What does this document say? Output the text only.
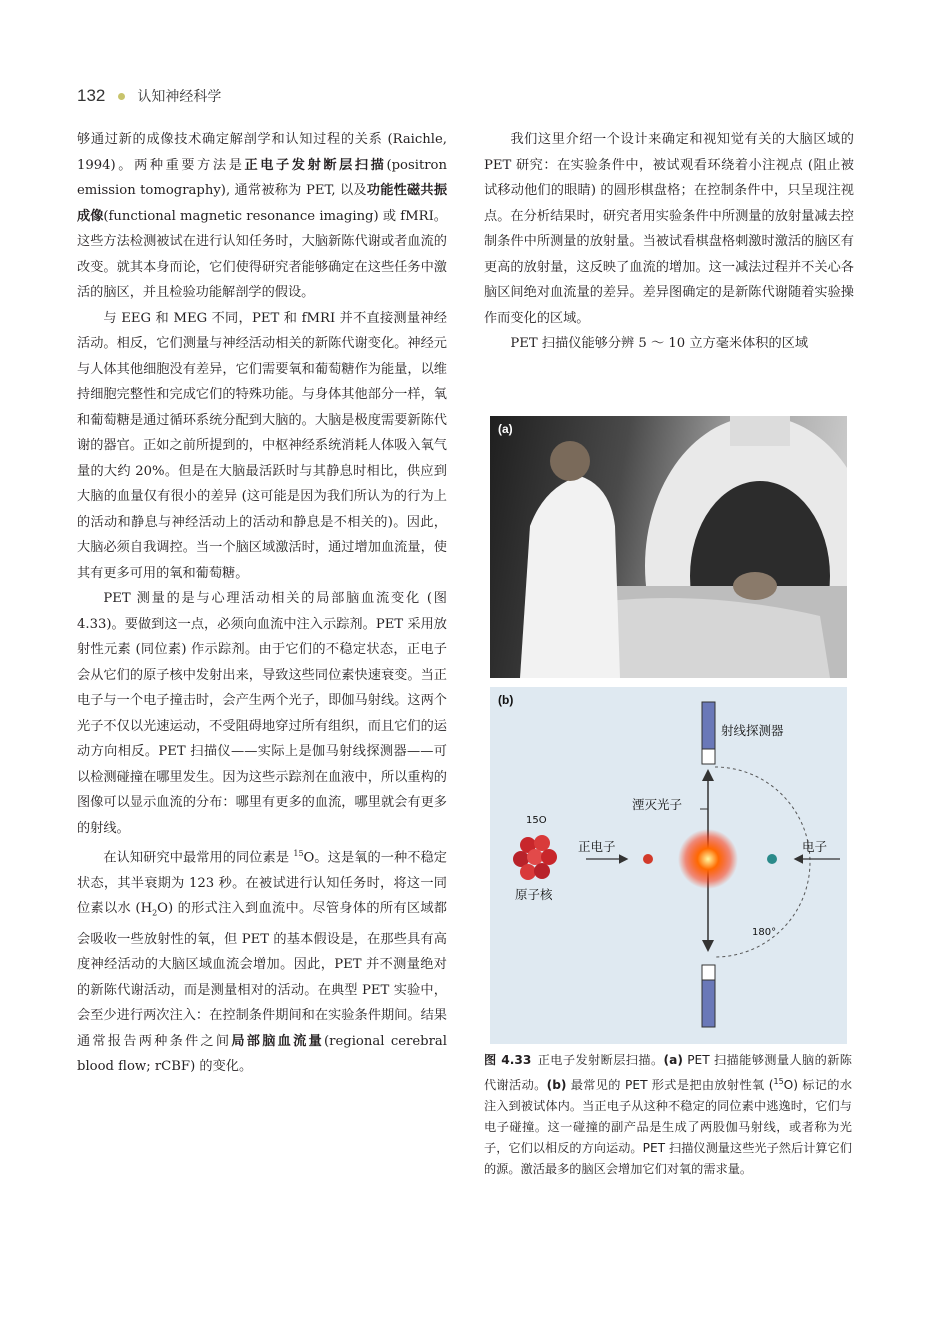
132 认知神经科学

够通过新的成像技术确定解剖学和认知过程的关系 (Raichle, 1994)。两种重要方法是正电子发射断层扫描(positron emission tomography), 通常被称为 PET, 以及功能性磁共振成像(functional magnetic resonance imaging) 或 fMRI。这些方法检测被试在进行认知任务时，大脑新陈代谢或者血流的改变。就其本身而论，它们使得研究者能够确定在这些任务中激活的脑区，并且检验功能解剖学的假设。

与 EEG 和 MEG 不同，PET 和 fMRI 并不直接测量神经活动。相反，它们测量与神经活动相关的新陈代谢变化。神经元与人体其他细胞没有差异，它们需要氧和葡萄糖作为能量，以维持细胞完整性和完成它们的特殊功能。与身体其他部分一样，氧和葡萄糖是通过循环系统分配到大脑的。大脑是极度需要新陈代谢的器官。正如之前所提到的，中枢神经系统消耗人体吸入氧气量的大约 20%。但是在大脑最活跃时与其静息时相比，供应到大脑的血量仅有很小的差异 (这可能是因为我们所认为的行为上的活动和静息与神经活动上的活动和静息是不相关的)。因此，大脑必须自我调控。当一个脑区域激活时，通过增加血流量，使其有更多可用的氧和葡萄糖。

PET 测量的是与心理活动相关的局部脑血流变化 (图 4.33)。要做到这一点，必须向血流中注入示踪剂。PET 采用放射性元素 (同位素) 作示踪剂。由于它们的不稳定状态，正电子会从它们的原子核中发射出来，导致这些同位素快速衰变。当正电子与一个电子撞击时，会产生两个光子，即伽马射线。这两个光子不仅以光速运动，不受阻碍地穿过所有组织，而且它们的运动方向相反。PET 扫描仪——实际上是伽马射线探测器——可以检测碰撞在哪里发生。因为这些示踪剂在血液中，所以重构的图像可以显示血流的分布：哪里有更多的血流，哪里就会有更多的射线。

在认知研究中最常用的同位素是 $^{15}$O。这是氧的一种不稳定状态，其半衰期为 123 秒。在被试进行认知任务时，将这一同位素以水 $(H_2O)$ 的形式注入到血流中。尽管身体的所有区域都会吸收一些放射性的氧，但 PET 的基本假设是，在那些具有高度神经活动的大脑区域血流会增加。因此，PET 并不测量绝对的新陈代谢活动，而是测量相对的活动。在典型 PET 实验中，会至少进行两次注入：在控制条件期间和在实验条件期间。结果通常报告两种条件之间局部脑血流量(regional cerebral blood flow; rCBF) 的变化。

我们这里介绍一个设计来确定和视知觉有关的大脑区域的 PET 研究：在实验条件中，被试观看环绕着小注视点 (阻止被试移动他们的眼睛) 的圆形棋盘格；在控制条件中，只呈现注视点。在分析结果时，研究者用实验条件中所测量的放射量减去控制条件中所测量的放射量。当被试看棋盘格刺激时激活的脑区有更高的放射量，这反映了血流的增加。这一减法过程并不关心各脑区间绝对血流量的差异。差异图确定的是新陈代谢随着实验操作而变化的区域。

PET 扫描仪能够分辨 5 ～ 10 立方毫米体积的区域

(a)
(b)
射线探测器
湮灭光子
15O
正电子	电子
原子核
180°
图 4.33 正电子发射断层扫描。(a) PET 扫描能够测量人脑的新陈代谢活动。(b) 最常见的 PET 形式是把由放射性氧 ($^{15}$O) 标记的水注入到被试体内。当正电子从这种不稳定的同位素中逃逸时，它们与电子碰撞。这一碰撞的副产品是生成了两股伽马射线，或者称为光子，它们以相反的方向运动。PET 扫描仪测量这些光子然后计算它们的源。激活最多的脑区会增加它们对氧的需求量。
